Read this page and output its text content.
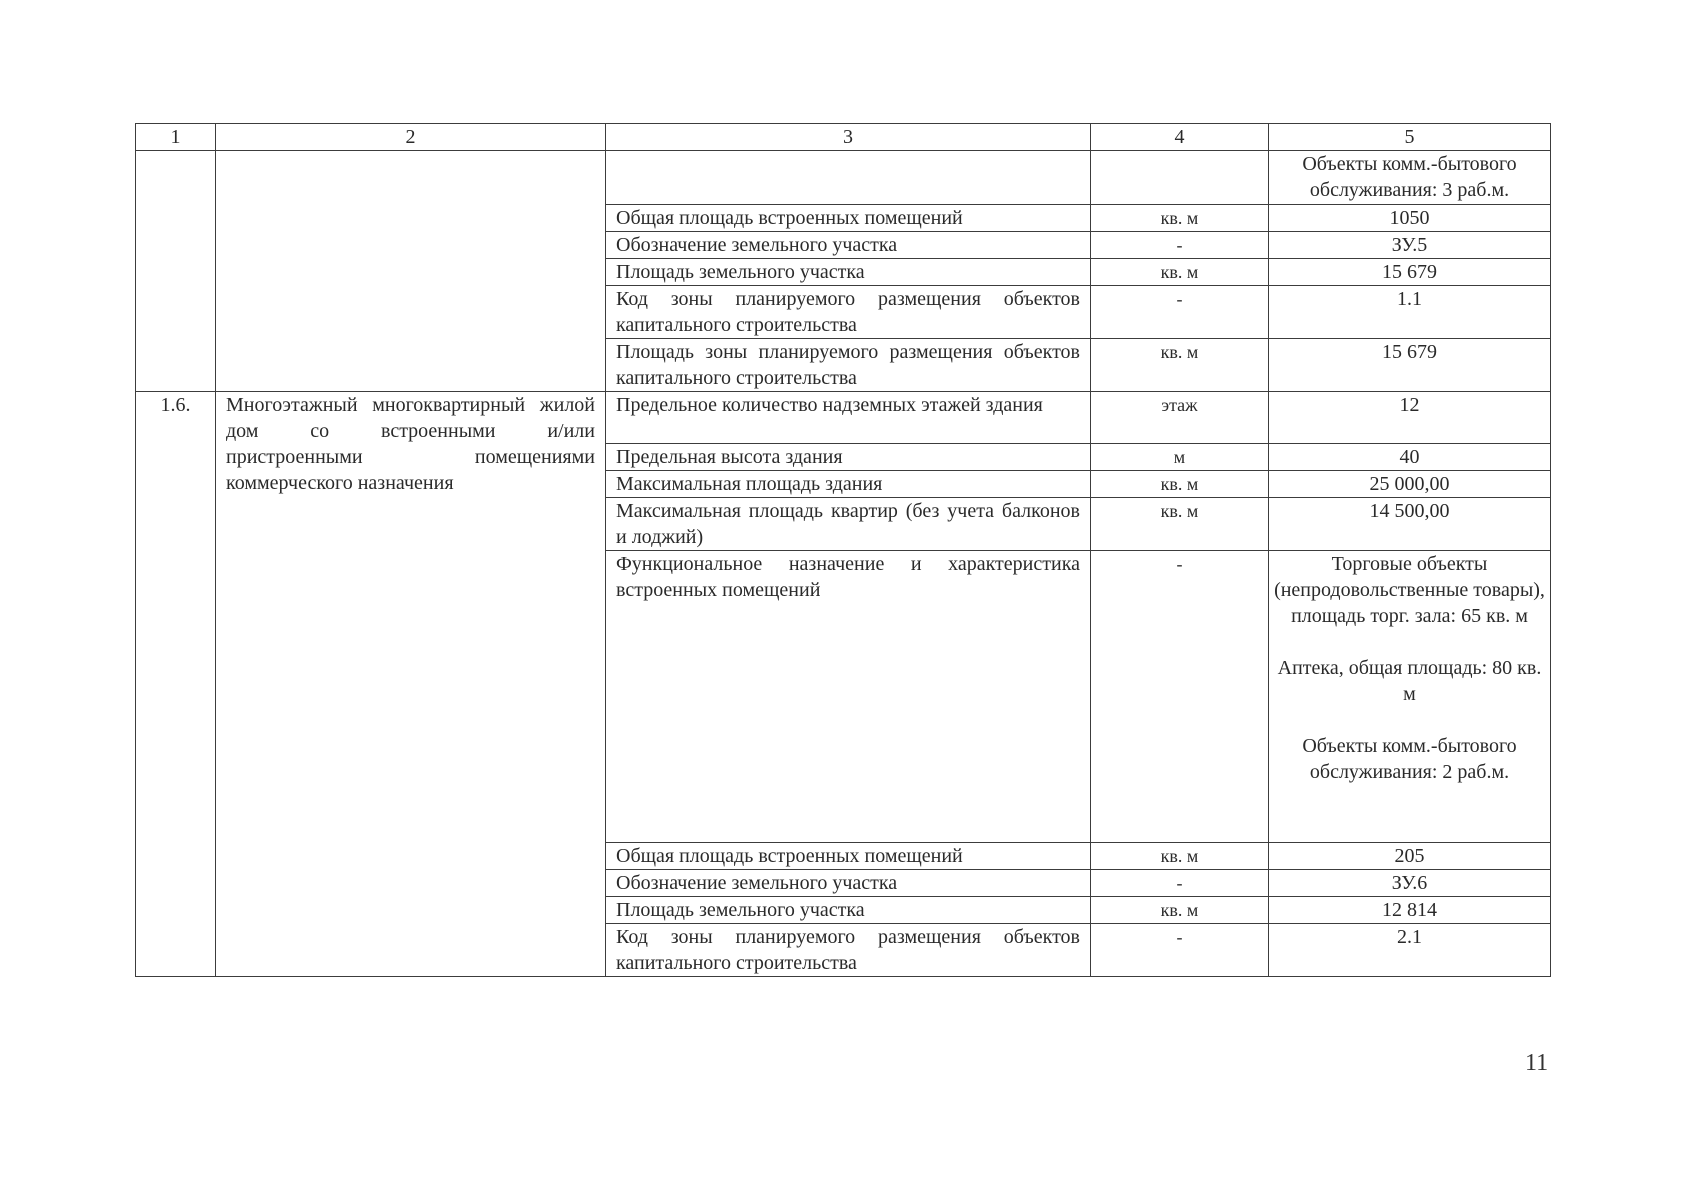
1	2	3	4	5
				Объекты комм.-бытового обслуживания: 3 раб.м.
		Общая площадь встроенных помещений	кв. м	1050
		Обозначение земельного участка	-	ЗУ.5
		Площадь земельного участка	кв. м	15 679
		Код зоны планируемого размещения объектов капитального строительства	-	1.1
		Площадь зоны планируемого размещения объектов капитального строительства	кв. м	15 679
1.6.	Многоэтажный многоквартирный жилой дом со встроенными и/или пристроенными помещениями коммерческого назначения	Предельное количество надземных этажей здания	этаж	12
		Предельная высота здания	м	40
		Максимальная площадь здания	кв. м	25 000,00
		Максимальная площадь квартир (без учета балконов и лоджий)	кв. м	14 500,00
		Функциональное назначение и характеристика встроенных помещений	-	Торговые объекты (непродовольственные товары), площадь торг. зала: 65 кв. м
Аптека, общая площадь: 80 кв. м
Объекты комм.-бытового обслуживания: 2 раб.м.

		Общая площадь встроенных помещений	кв. м	205
		Обозначение земельного участка	-	ЗУ.6
		Площадь земельного участка	кв. м	12 814
		Код зоны планируемого размещения объектов капитального строительства	-	2.1
11
